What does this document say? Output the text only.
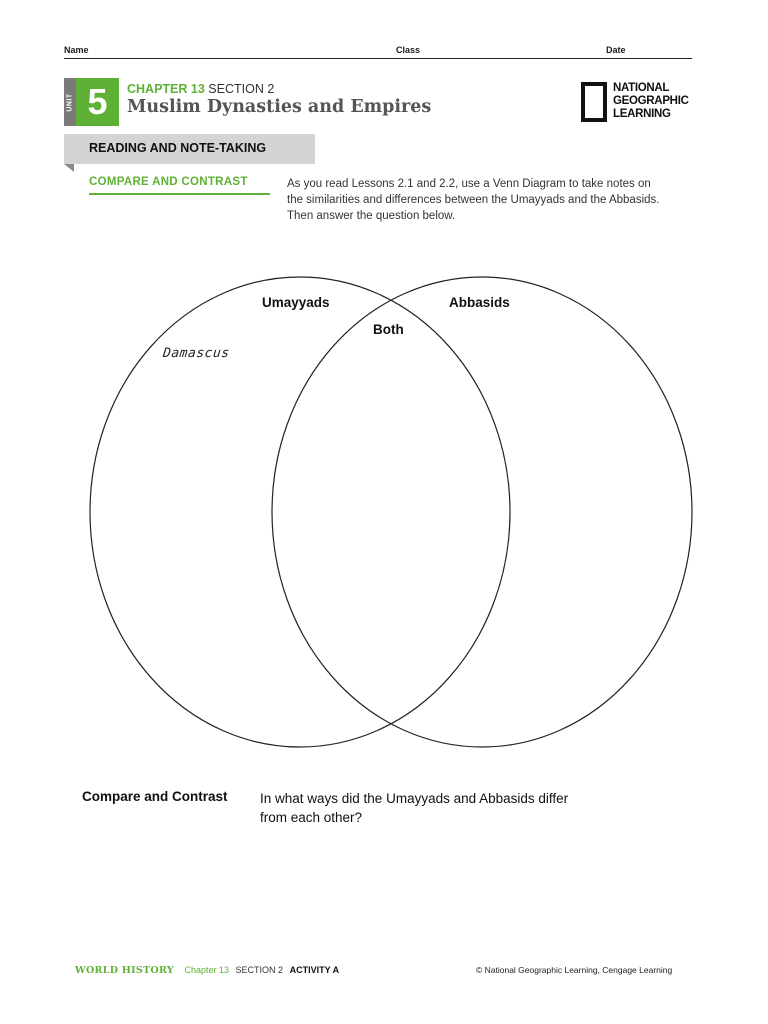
Name	Class	Date
UNIT 5	CHAPTER 13 SECTION 2
Muslim Dynasties and Empires
NATIONAL
GEOGRAPHIC
LEARNING
READING AND NOTE-TAKING
COMPARE AND CONTRAST	As you read Lessons 2.1 and 2.2, use a Venn Diagram to take notes on the similarities and differences between the Umayyads and the Abbasids. Then answer the question below.
Umayyads	Abbasids
Both
Damascus
Compare and Contrast In what ways did the Umayyads and Abbasids differ from each other?
WORLD HISTORY Chapter 13 SECTION 2 ACTIVITY A	© National Geographic Learning, Cengage Learning
